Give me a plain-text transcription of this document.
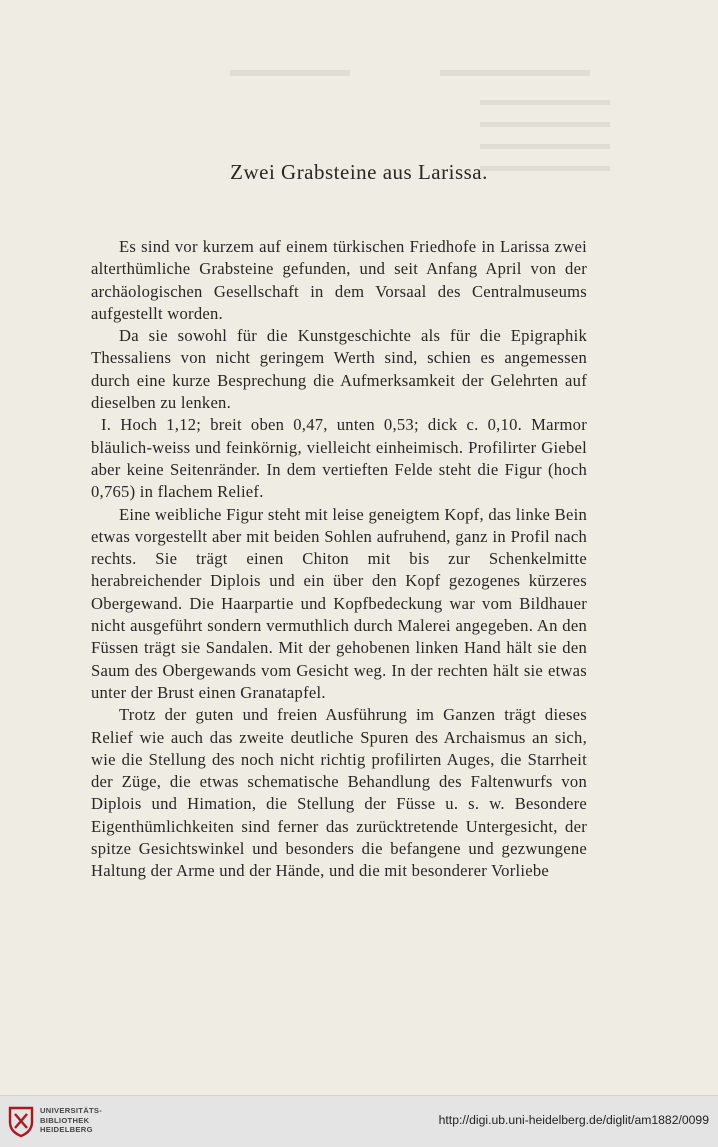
Zwei Grabsteine aus Larissa.

Es sind vor kurzem auf einem türkischen Friedhofe in Larissa zwei alterthümliche Grabsteine gefunden, und seit Anfang April von der archäologischen Gesellschaft in dem Vorsaal des Centralmuseums aufgestellt worden.

Da sie sowohl für die Kunstgeschichte als für die Epigraphik Thessaliens von nicht geringem Werth sind, schien es angemessen durch eine kurze Besprechung die Aufmerksamkeit der Gelehrten auf dieselben zu lenken.

I. Hoch 1,12; breit oben 0,47, unten 0,53; dick c. 0,10. Marmor bläulich-weiss und feinkörnig, vielleicht einheimisch. Profilirter Giebel aber keine Seitenränder. In dem vertieften Felde steht die Figur (hoch 0,765) in flachem Relief.

Eine weibliche Figur steht mit leise geneigtem Kopf, das linke Bein etwas vorgestellt aber mit beiden Sohlen aufruhend, ganz in Profil nach rechts. Sie trägt einen Chiton mit bis zur Schenkelmitte herabreichender Diplois und ein über den Kopf gezogenes kürzeres Obergewand. Die Haarpartie und Kopfbedeckung war vom Bildhauer nicht ausgeführt sondern vermuthlich durch Malerei angegeben. An den Füssen trägt sie Sandalen. Mit der gehobenen linken Hand hält sie den Saum des Obergewands vom Gesicht weg. In der rechten hält sie etwas unter der Brust einen Granatapfel.

Trotz der guten und freien Ausführung im Ganzen trägt dieses Relief wie auch das zweite deutliche Spuren des Archaismus an sich, wie die Stellung des noch nicht richtig profilirten Auges, die Starrheit der Züge, die etwas schematische Behandlung des Faltenwurfs von Diplois und Himation, die Stellung der Füsse u. s. w. Besondere Eigenthümlichkeiten sind ferner das zurücktretende Untergesicht, der spitze Gesichtswinkel und besonders die befangene und gezwungene Haltung der Arme und der Hände, und die mit besonderer Vorliebe

UNIVERSITÄTS-
BIBLIOTHEK
HEIDELBERG
http://digi.ub.uni-heidelberg.de/diglit/am1882/0099
